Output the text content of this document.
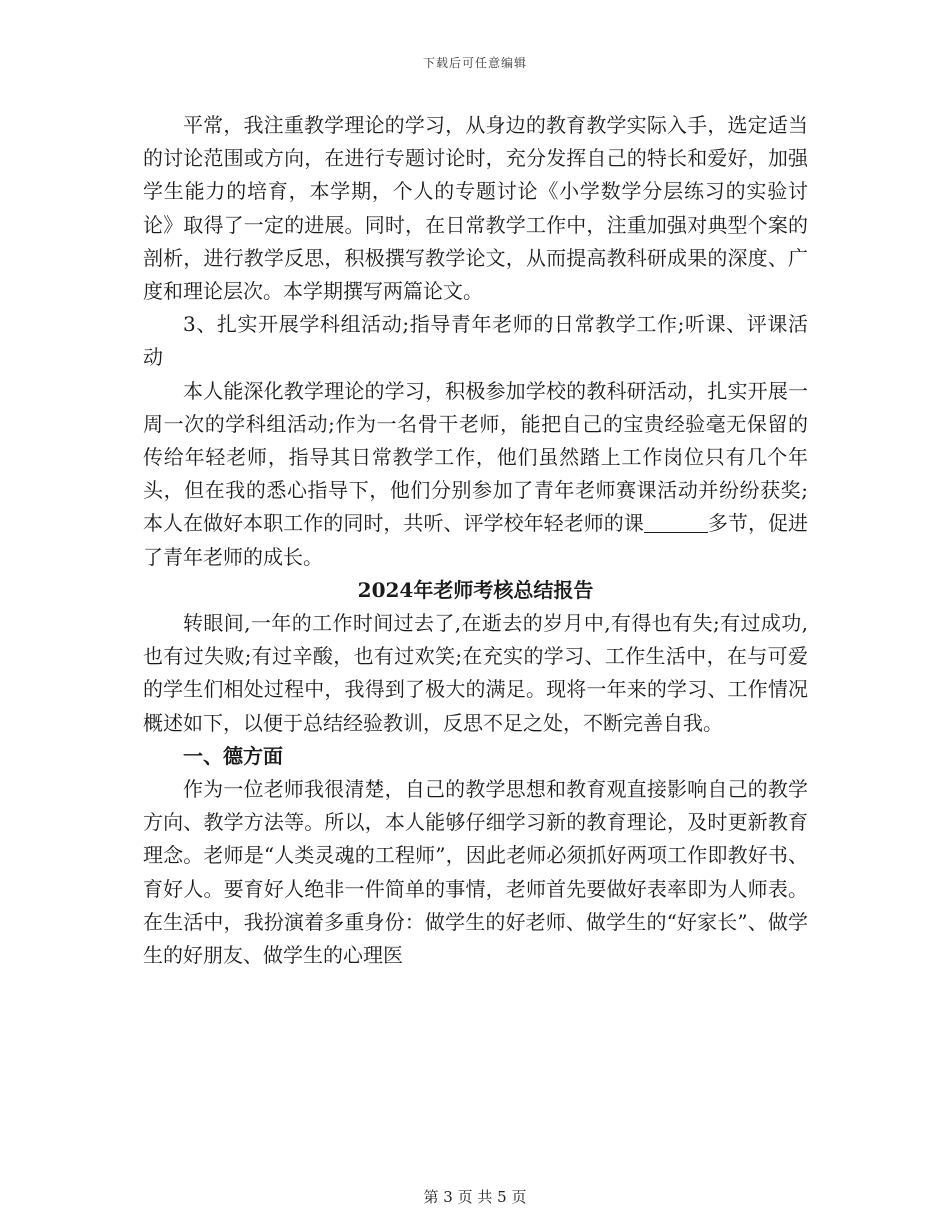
下载后可任意编辑

平常，我注重教学理论的学习，从身边的教育教学实际入手，选定适当的讨论范围或方向，在进行专题讨论时，充分发挥自己的特长和爱好，加强学生能力的培育，本学期，个人的专题讨论《小学数学分层练习的实验讨论》取得了一定的进展。同时，在日常教学工作中，注重加强对典型个案的剖析，进行教学反思，积极撰写教学论文，从而提高教科研成果的深度、广度和理论层次。本学期撰写两篇论文。

3、扎实开展学科组活动;指导青年老师的日常教学工作;听课、评课活动

本人能深化教学理论的学习，积极参加学校的教科研活动，扎实开展一周一次的学科组活动;作为一名骨干老师，能把自己的宝贵经验毫无保留的传给年轻老师，指导其日常教学工作，他们虽然踏上工作岗位只有几个年头，但在我的悉心指导下，他们分别参加了青年老师赛课活动并纷纷获奖;本人在做好本职工作的同时，共听、评学校年轻老师的课	多节，促进了青年老师的成长。

2024年老师考核总结报告

转眼间,一年的工作时间过去了,在逝去的岁月中,有得也有失;有过成功,也有过失败;有过辛酸，也有过欢笑;在充实的学习、工作生活中，在与可爱的学生们相处过程中，我得到了极大的满足。现将一年来的学习、工作情况概述如下，以便于总结经验教训，反思不足之处，不断完善自我。

一、德方面

作为一位老师我很清楚，自己的教学思想和教育观直接影响自己的教学方向、教学方法等。所以，本人能够仔细学习新的教育理论，及时更新教育理念。老师是“人类灵魂的工程师”，因此老师必须抓好两项工作即教好书、育好人。要育好人绝非一件简单的事情，老师首先要做好表率即为人师表。在生活中，我扮演着多重身份：做学生的好老师、做学生的“好家长”、做学生的好朋友、做学生的心理医

第 3 页 共 5 页
